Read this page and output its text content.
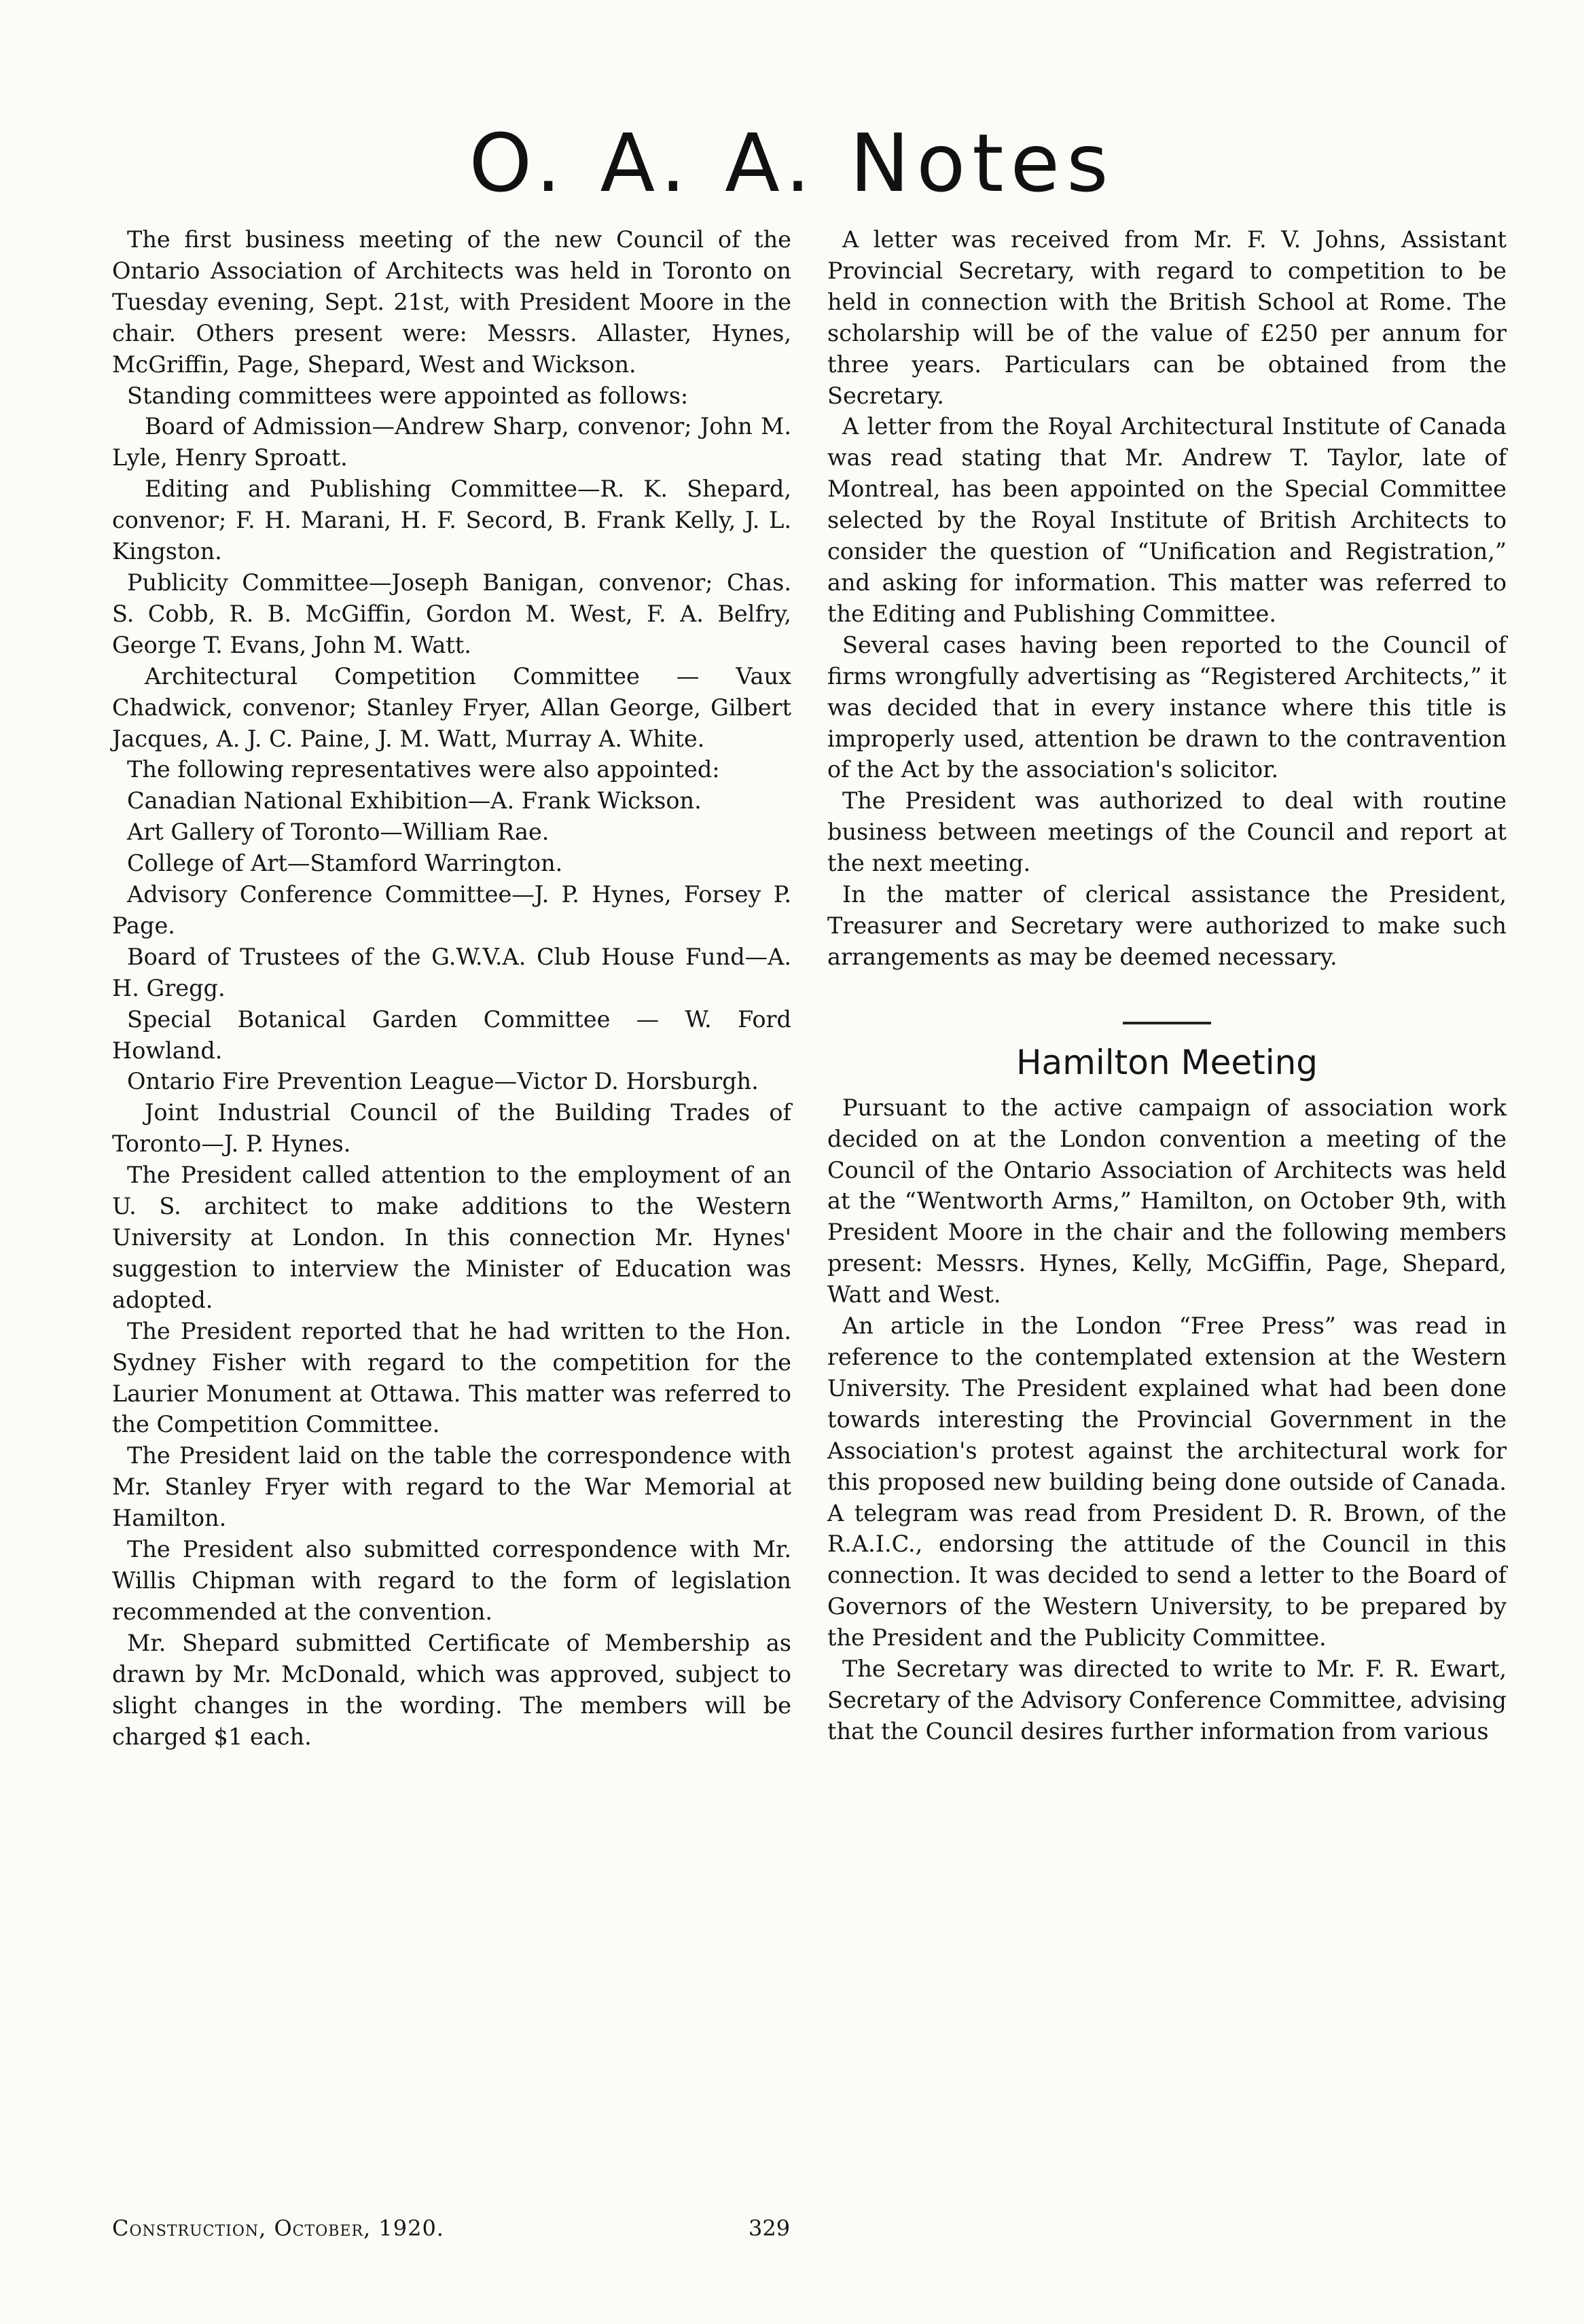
O. A. A. Notes

The first business meeting of the new Council of the Ontario Association of Architects was held in Toronto on Tuesday evening, Sept. 21st, with President Moore in the chair. Others present were: Messrs. Allaster, Hynes, McGriffin, Page, Shepard, West and Wickson.

Standing committees were appointed as follows:

Board of Admission—Andrew Sharp, convenor; John M. Lyle, Henry Sproatt.

Editing and Publishing Committee—R. K. Shepard, convenor; F. H. Marani, H. F. Secord, B. Frank Kelly, J. L. Kingston.

Publicity Committee—Joseph Banigan, convenor; Chas. S. Cobb, R. B. McGiffin, Gordon M. West, F. A. Belfry, George T. Evans, John M. Watt.

Architectural Competition Committee — Vaux Chadwick, convenor; Stanley Fryer, Allan George, Gilbert Jacques, A. J. C. Paine, J. M. Watt, Murray A. White.

The following representatives were also appointed:

Canadian National Exhibition—A. Frank Wickson.

Art Gallery of Toronto—William Rae.

College of Art—Stamford Warrington.

Advisory Conference Committee—J. P. Hynes, Forsey P. Page.

Board of Trustees of the G.W.V.A. Club House Fund—A. H. Gregg.

Special Botanical Garden Committee — W. Ford Howland.

Ontario Fire Prevention League—Victor D. Horsburgh.

Joint Industrial Council of the Building Trades of Toronto—J. P. Hynes.

The President called attention to the employment of an U. S. architect to make additions to the Western University at London. In this connection Mr. Hynes' suggestion to interview the Minister of Education was adopted.

The President reported that he had written to the Hon. Sydney Fisher with regard to the competition for the Laurier Monument at Ottawa. This matter was referred to the Competition Committee.

The President laid on the table the correspondence with Mr. Stanley Fryer with regard to the War Memorial at Hamilton.

The President also submitted correspondence with Mr. Willis Chipman with regard to the form of legislation recommended at the convention.

Mr. Shepard submitted Certificate of Membership as drawn by Mr. McDonald, which was approved, subject to slight changes in the wording. The members will be charged $1 each.

A letter was received from Mr. F. V. Johns, Assistant Provincial Secretary, with regard to competition to be held in connection with the British School at Rome. The scholarship will be of the value of £250 per annum for three years. Particulars can be obtained from the Secretary.

A letter from the Royal Architectural Institute of Canada was read stating that Mr. Andrew T. Taylor, late of Montreal, has been appointed on the Special Committee selected by the Royal Institute of British Architects to consider the question of “Unification and Registration,” and asking for information. This matter was referred to the Editing and Publishing Committee.

Several cases having been reported to the Council of firms wrongfully advertising as “Registered Architects,” it was decided that in every instance where this title is improperly used, attention be drawn to the contravention of the Act by the association's solicitor.

The President was authorized to deal with routine business between meetings of the Council and report at the next meeting.

In the matter of clerical assistance the President, Treasurer and Secretary were authorized to make such arrangements as may be deemed necessary.

Hamilton Meeting

Pursuant to the active campaign of association work decided on at the London convention a meeting of the Council of the Ontario Association of Architects was held at the “Wentworth Arms,” Hamilton, on October 9th, with President Moore in the chair and the following members present: Messrs. Hynes, Kelly, McGiffin, Page, Shepard, Watt and West.

An article in the London “Free Press” was read in reference to the contemplated extension at the Western University. The President explained what had been done towards interesting the Provincial Government in the Association's protest against the architectural work for this proposed new building being done outside of Canada. A telegram was read from President D. R. Brown, of the R.A.I.C., endorsing the attitude of the Council in this connection. It was decided to send a letter to the Board of Governors of the Western University, to be prepared by the President and the Publicity Committee.

The Secretary was directed to write to Mr. F. R. Ewart, Secretary of the Advisory Conference Committee, advising that the Council desires further information from various

Construction, October, 1920.	329
